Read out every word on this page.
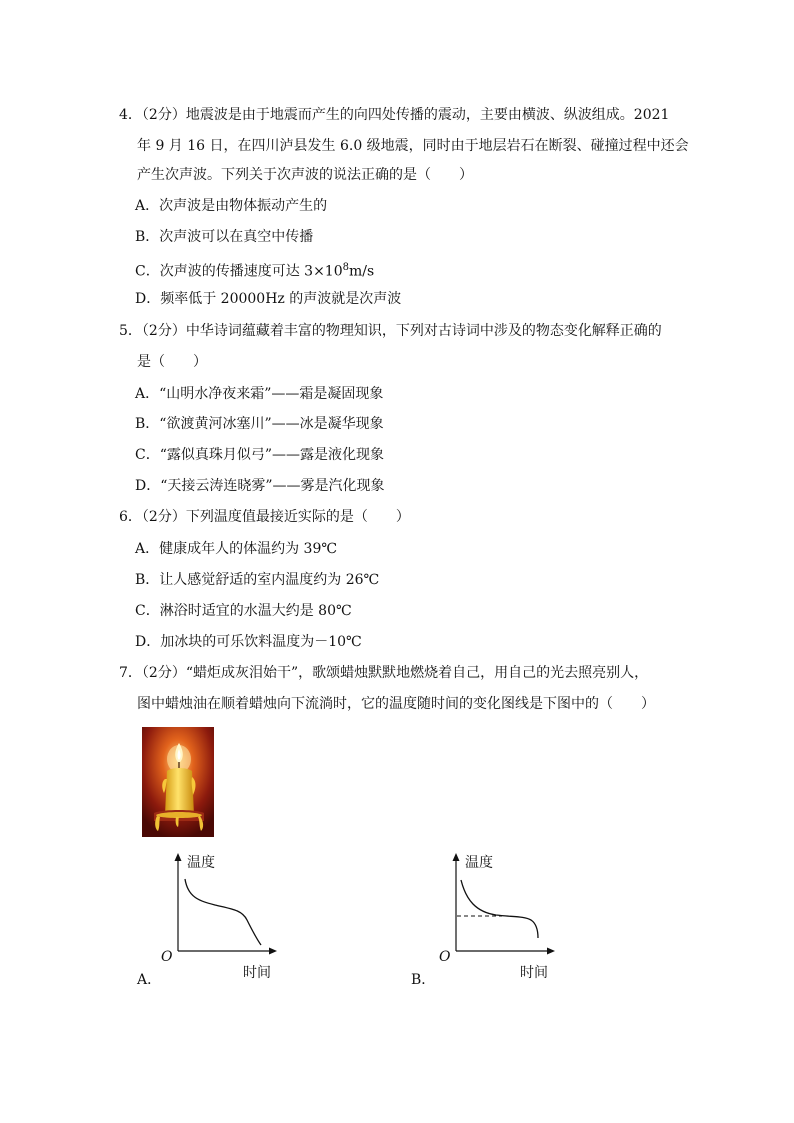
4．（2分）地震波是由于地震而产生的向四处传播的震动，主要由横波、纵波组成。2021
年 9 月 16 日，在四川泸县发生 6.0 级地震，同时由于地层岩石在断裂、碰撞过程中还会
产生次声波。下列关于次声波的说法正确的是（　　）
A．次声波是由物体振动产生的
B．次声波可以在真空中传播
C．次声波的传播速度可达 $3\times 10^8m/s$
D．频率低于 20000Hz 的声波就是次声波
5．（2分）中华诗词蕴藏着丰富的物理知识，下列对古诗词中涉及的物态变化解释正确的
是（　　）
A．“山明水净夜来霜”——霜是凝固现象
B．“欲渡黄河冰塞川”——冰是凝华现象
C．“露似真珠月似弓”——露是液化现象
D．“天接云涛连晓雾”——雾是汽化现象
6．（2分）下列温度值最接近实际的是（　　）
A．健康成年人的体温约为 39℃
B．让人感觉舒适的室内温度约为 26℃
C．淋浴时适宜的水温大约是 80℃
D．加冰块的可乐饮料温度为－10℃
7．（2分）“蜡炬成灰泪始干”，歌颂蜡烛默默地燃烧着自己，用自己的光去照亮别人，
图中蜡烛油在顺着蜡烛向下流淌时，它的温度随时间的变化图线是下图中的（　　）
温度
O
时间
A．
温度
O
时间
B．
